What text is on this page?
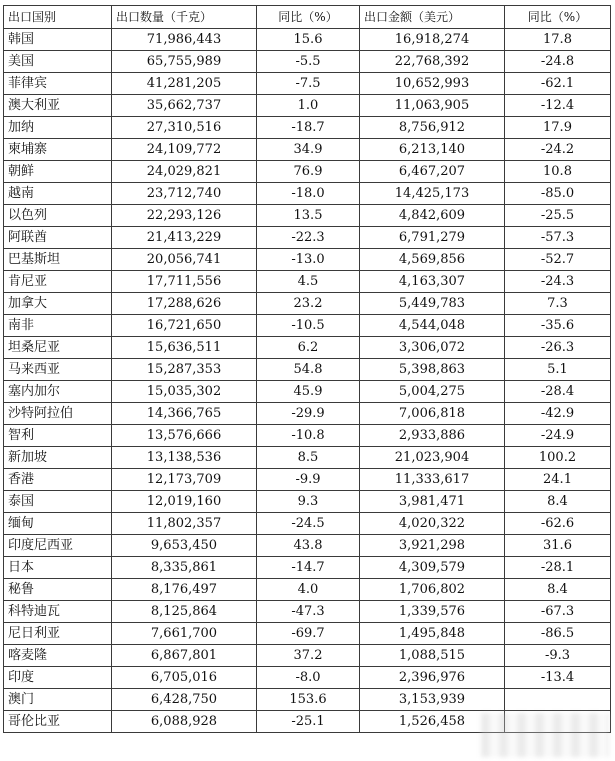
出口国别	出口数量（千克）	同比（%）	出口金额（美元）	同比（%）
韩国	71,986,443	15.6	16,918,274	17.8
美国	65,755,989	-5.5	22,768,392	-24.8
菲律宾	41,281,205	-7.5	10,652,993	-62.1
澳大利亚	35,662,737	1.0	11,063,905	-12.4
加纳	27,310,516	-18.7	8,756,912	17.9
柬埔寨	24,109,772	34.9	6,213,140	-24.2
朝鲜	24,029,821	76.9	6,467,207	10.8
越南	23,712,740	-18.0	14,425,173	-85.0
以色列	22,293,126	13.5	4,842,609	-25.5
阿联酋	21,413,229	-22.3	6,791,279	-57.3
巴基斯坦	20,056,741	-13.0	4,569,856	-52.7
肯尼亚	17,711,556	4.5	4,163,307	-24.3
加拿大	17,288,626	23.2	5,449,783	7.3
南非	16,721,650	-10.5	4,544,048	-35.6
坦桑尼亚	15,636,511	6.2	3,306,072	-26.3
马来西亚	15,287,353	54.8	5,398,863	5.1
塞内加尔	15,035,302	45.9	5,004,275	-28.4
沙特阿拉伯	14,366,765	-29.9	7,006,818	-42.9
智利	13,576,666	-10.8	2,933,886	-24.9
新加坡	13,138,536	8.5	21,023,904	100.2
香港	12,173,709	-9.9	11,333,617	24.1
泰国	12,019,160	9.3	3,981,471	8.4
缅甸	11,802,357	-24.5	4,020,322	-62.6
印度尼西亚	9,653,450	43.8	3,921,298	31.6
日本	8,335,861	-14.7	4,309,579	-28.1
秘鲁	8,176,497	4.0	1,706,802	8.4
科特迪瓦	8,125,864	-47.3	1,339,576	-67.3
尼日利亚	7,661,700	-69.7	1,495,848	-86.5
喀麦隆	6,867,801	37.2	1,088,515	-9.3
印度	6,705,016	-8.0	2,396,976	-13.4
澳门	6,428,750	153.6	3,153,939	
哥伦比亚	6,088,928	-25.1	1,526,458	
